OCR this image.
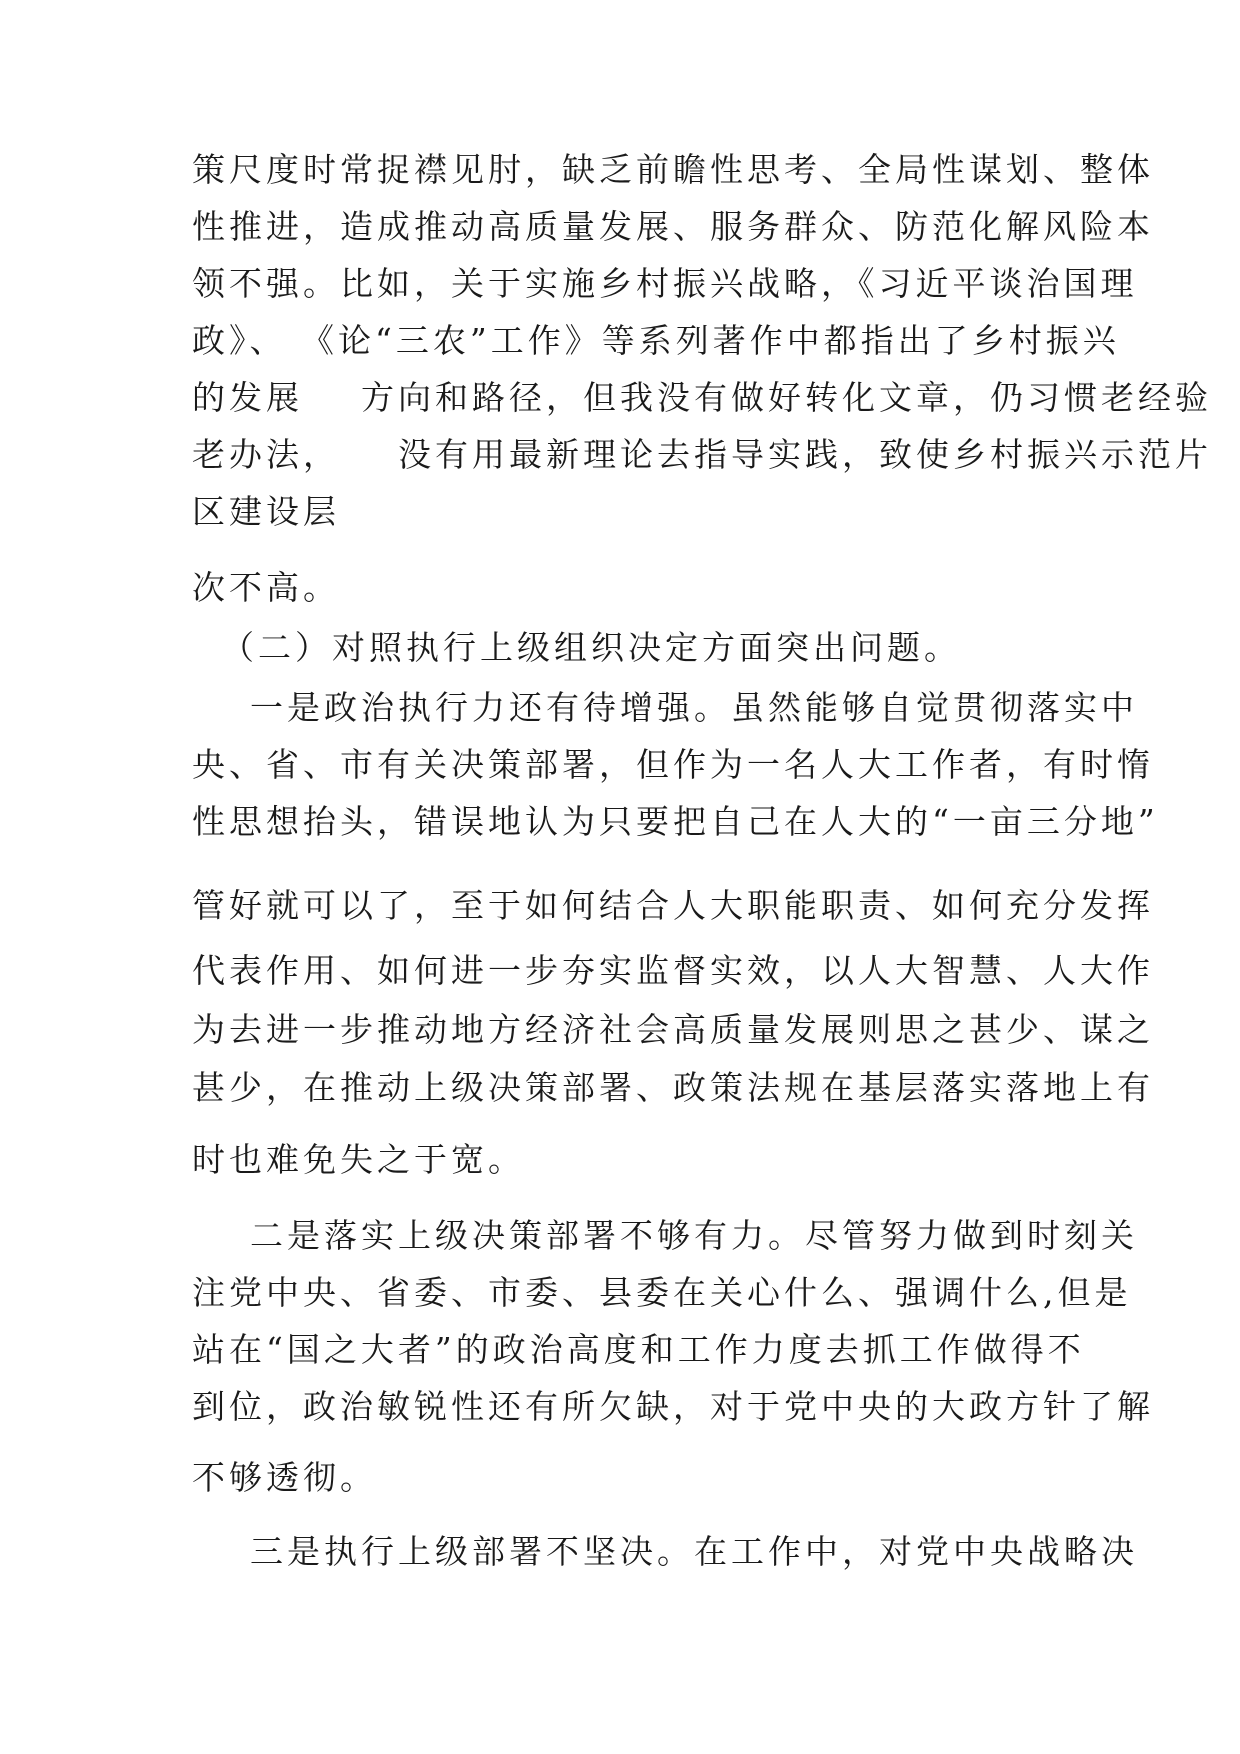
策尺度时常捉襟见肘，缺乏前瞻性思考、全局性谋划、整体

性推进，造成推动高质量发展、服务群众、防范化解风险本

领不强。比如，关于实施乡村振兴战略，《习近平谈治国理

政》、 《论“三农”工作》等系列著作中都指出了乡村振兴

的发展    方向和路径，但我没有做好转化文章，仍习惯老经验

老办法，    没有用最新理论去指导实践，致使乡村振兴示范片

区建设层

次不高。

（二）对照执行上级组织决定方面突出问题。

一是政治执行力还有待增强。虽然能够自觉贯彻落实中

央、省、市有关决策部署，但作为一名人大工作者，有时惰

性思想抬头，错误地认为只要把自己在人大的“一亩三分地”

管好就可以了，至于如何结合人大职能职责、如何充分发挥

代表作用、如何进一步夯实监督实效，以人大智慧、人大作

为去进一步推动地方经济社会高质量发展则思之甚少、谋之

甚少，在推动上级决策部署、政策法规在基层落实落地上有

时也难免失之于宽。

二是落实上级决策部署不够有力。尽管努力做到时刻关

注党中央、省委、市委、县委在关心什么、强调什么,但是

站在“国之大者”的政治高度和工作力度去抓工作做得不

到位，政治敏锐性还有所欠缺，对于党中央的大政方针了解

不够透彻。

三是执行上级部署不坚决。在工作中，对党中央战略决
